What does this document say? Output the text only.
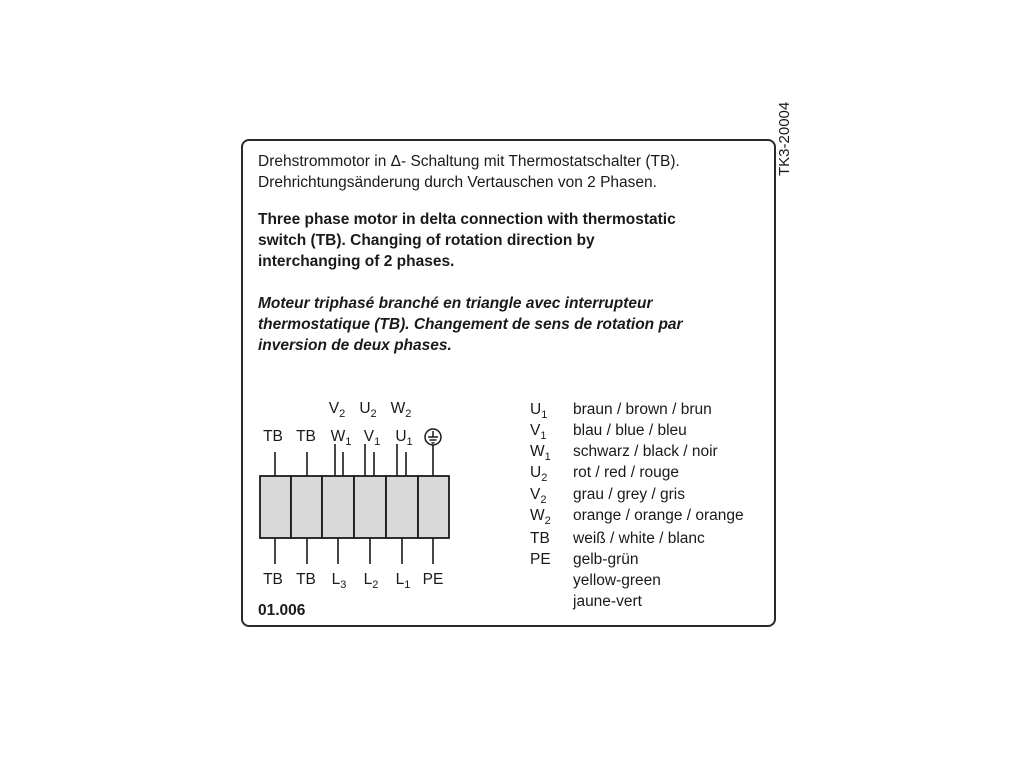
Drehstrommotor in Δ- Schaltung mit Thermostatschalter (TB).
Drehrichtungsänderung durch Vertauschen von 2 Phasen.

Three phase motor in delta connection with thermostatic
switch (TB). Changing of rotation direction by
interchanging of 2 phases.

Moteur triphasé branché en triangle avec interrupteur
thermostatique (TB). Changement de sens de rotation par
inversion de deux phases.

TK3-20004
$V_2$ $U_2$ $W_2$
TB TB $W_1$ $V_1$ $U_1$
TB TB $L_3$ $L_2$ $L_1$ PE
$U_1$ braun / brown / brun
$V_1$ blau / blue / bleu
$W_1$ schwarz / black / noir
$U_2$ rot / red / rouge
$V_2$ grau / grey / gris
$W_2$ orange / orange / orange
TB weiß / white / blanc
PE gelb-grün
yellow-green
jaune-vert
01.006
